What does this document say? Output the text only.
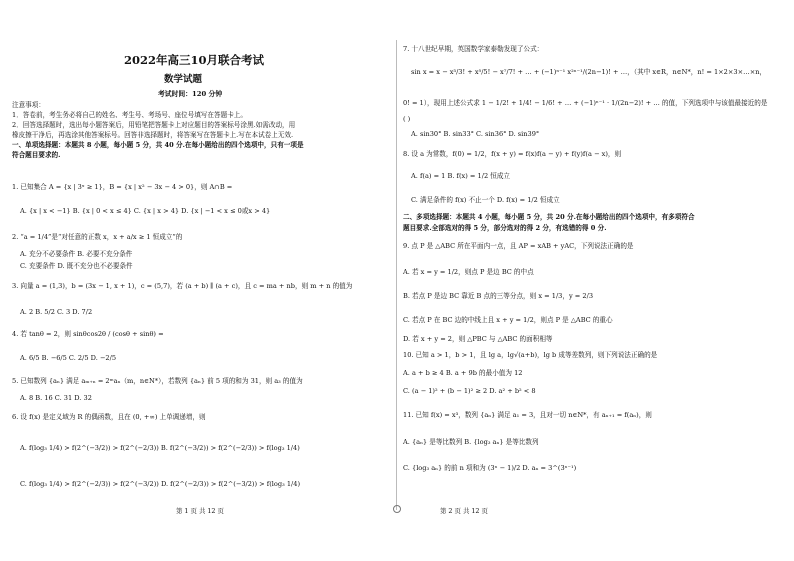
2022年高三10月联合考试
数学试题
考试时间：120 分钟
注意事项：
1．答卷前，考生务必将自己的姓名、考生号、考场号、座位号填写在答题卡上。
2．回答选择题时，选出每小题答案后，用铅笔把答题卡上对应题目的答案标号涂黑.如需改动，用
橡皮擦干净后，再选涂其他答案标号。回答非选择题时，将答案写在答题卡上.写在本试卷上无效.
一、单项选择题：本题共 8 小题，每小题 5 分，共 40 分.在每小题给出的四个选项中，只有一项是
符合题目要求的.
1. 已知集合 A = {x | 3ˣ ≥ 1}，B = {x | x² − 3x − 4 > 0}，则 A∩B =
A. {x | x < −1} B. {x | 0 < x ≤ 4} C. {x | x > 4} D. {x | −1 < x ≤ 0或x > 4}
2. “a = 1/4”是“对任意的正数 x，x + a/x ≥ 1 恒成立”的
A. 充分不必要条件 B. 必要不充分条件
C. 充要条件 D. 既不充分也不必要条件
3. 向量 a = (1,3)，b = (3x − 1, x + 1)，c = (5,7)，若 (a + b) ∥ (a + c)，且 c = ma + nb，则 m + n 的值为
A. 2 B. 5/2 C. 3 D. 7/2
4. 若 tanθ = 2，则 sinθcos2θ / (cosθ + sinθ) =
A. 6/5 B. −6/5 C. 2/5 D. −2/5
5. 已知数列 {aₙ} 满足 aₘ₊ₙ = 2ᵐaₙ（m，n∈N*），若数列 {aₙ} 前 5 项的和为 31，则 a₃ 的值为
A. 8 B. 16 C. 31 D. 32
6. 设 f(x) 是定义域为 R 的偶函数，且在 (0, +∞) 上单调递增，则
A. f(log₃ 1/4) > f(2^(−3/2)) > f(2^(−2/3)) B. f(2^(−3/2)) > f(2^(−2/3)) > f(log₃ 1/4)
C. f(log₃ 1/4) > f(2^(−2/3)) > f(2^(−3/2)) D. f(2^(−2/3)) > f(2^(−3/2)) > f(log₃ 1/4)
第 1 页 共 12 页
7. 十八世纪早期，英国数学家泰勒发现了公式：
sin x = x − x³/3! + x⁵/5! − x⁷/7! + … + (−1)ⁿ⁻¹ x²ⁿ⁻¹/(2n−1)! + …，（其中 x∈R，n∈N*，n! = 1×2×3×…×n，
0! = 1），现用上述公式求 1 − 1/2! + 1/4! − 1/6! + … + (−1)ⁿ⁻¹ · 1/(2n−2)! + … 的值，下列选项中与该值最接近的是
( )
A. sin30° B. sin33° C. sin36° D. sin39°
8. 设 a 为常数，f(0) = 1/2，f(x + y) = f(x)f(a − y) + f(y)f(a − x)，则
A. f(a) = 1 B. f(x) = 1/2 恒成立
C. 满足条件的 f(x) 不止一个 D. f(x) = 1/2 恒成立
二、多项选择题：本题共 4 小题，每小题 5 分，共 20 分.在每小题给出的四个选项中，有多项符合
题目要求.全部选对的得 5 分，部分选对的得 2 分，有选错的得 0 分.
9. 点 P 是 △ABC 所在平面内一点，且 AP = xAB + yAC，下列说法正确的是
A. 若 x = y = 1/2，则点 P 是边 BC 的中点
B. 若点 P 是边 BC 靠近 B 点的三等分点，则 x = 1/3，y = 2/3
C. 若点 P 在 BC 边的中线上且 x + y = 1/2，则点 P 是 △ABC 的重心
D. 若 x + y = 2，则 △PBC 与 △ABC 的面积相等
10. 已知 a > 1，b > 1，且 lg a，lg√(a+b)，lg b 成等差数列，则下列说法正确的是
A. a + b ≥ 4 B. a + 9b 的最小值为 12
C. (a − 1)² + (b − 1)² ≥ 2 D. a² + b² < 8
11. 已知 f(x) = x³，数列 {aₙ} 满足 a₁ = 3，且对一切 n∈N*，有 aₙ₊₁ = f(aₙ)，则
A. {aₙ} 是等比数列 B. {log₃ aₙ} 是等比数列
C. {log₃ aₙ} 的前 n 项和为 (3ⁿ − 1)/2 D. aₙ = 3^(3ⁿ⁻¹)
第 2 页 共 12 页
